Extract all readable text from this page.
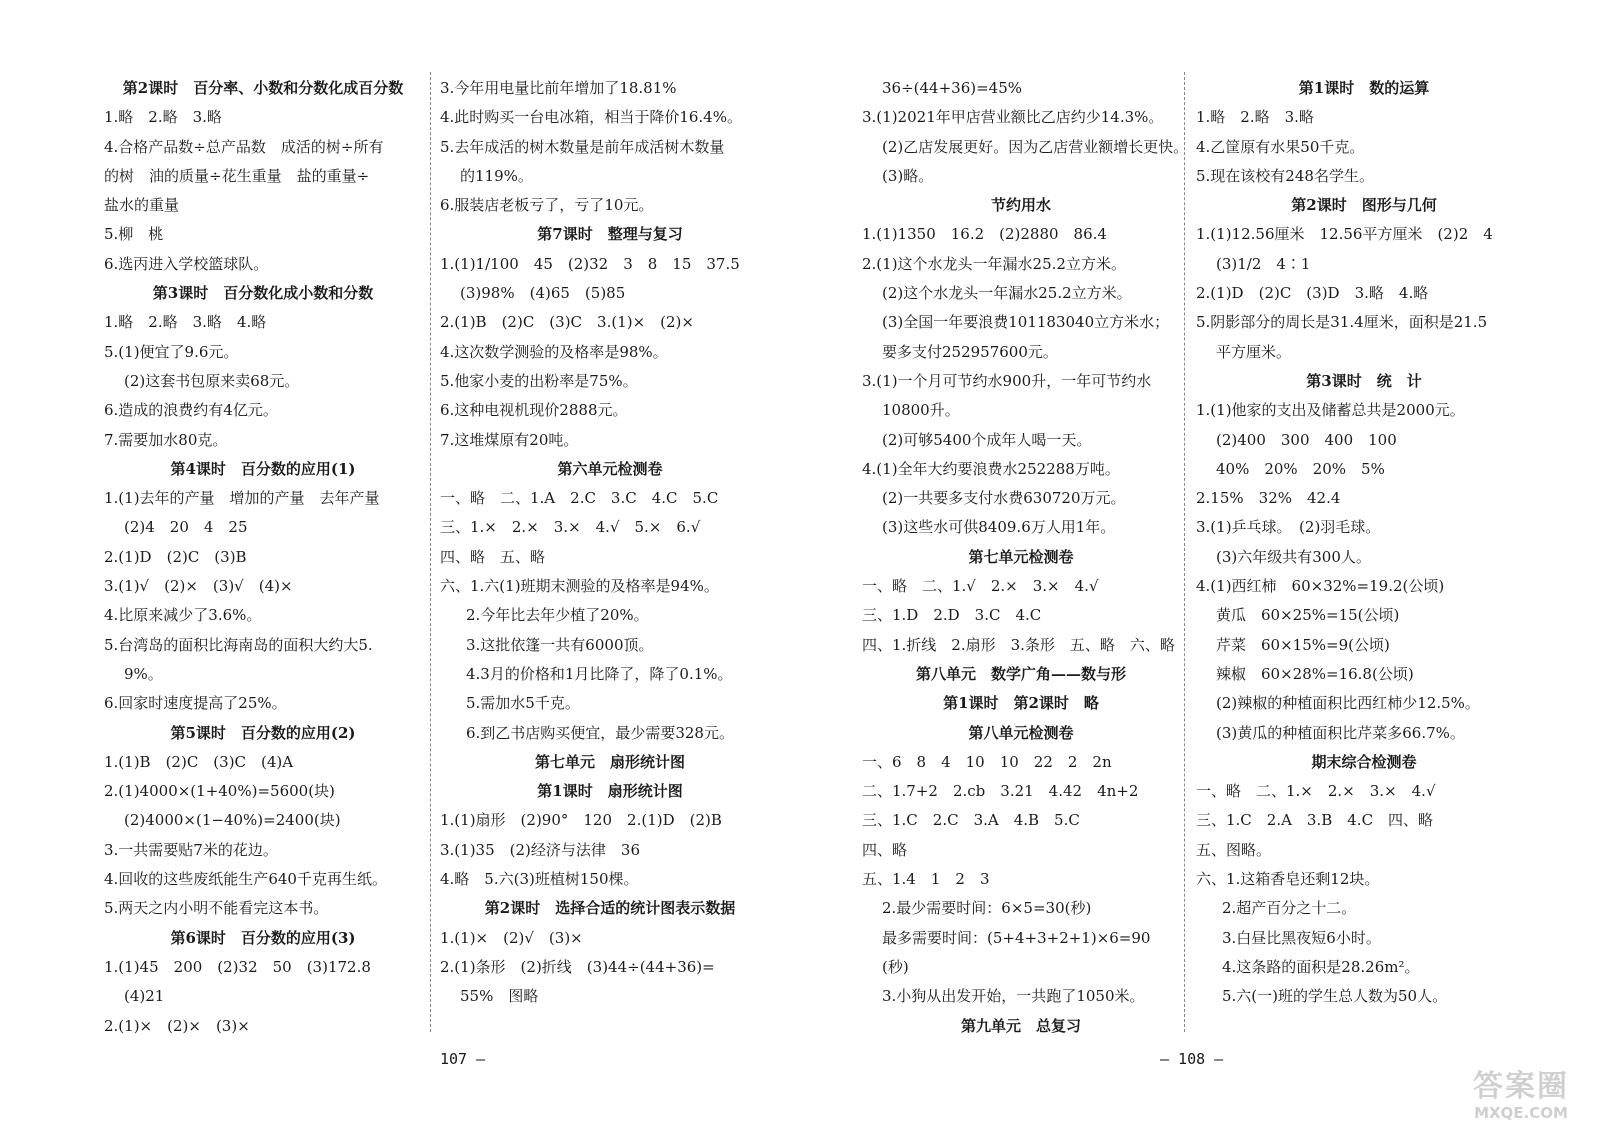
第2课时　百分率、小数和分数化成百分数
1.略　2.略　3.略
4.合格产品数÷总产品数　成活的树÷所有
的树　油的质量÷花生重量　盐的重量÷
盐水的重量
5.柳　桃
6.选丙进入学校篮球队。
第3课时　百分数化成小数和分数
1.略　2.略　3.略　4.略
5.(1)便宜了9.6元。
(2)这套书包原来卖68元。
6.造成的浪费约有4亿元。
7.需要加水80克。
第4课时　百分数的应用(1)
1.(1)去年的产量　增加的产量　去年产量
(2)4　20　4　25
2.(1)D　(2)C　(3)B
3.(1)√　(2)×　(3)√　(4)×
4.比原来减少了3.6%。
5.台湾岛的面积比海南岛的面积大约大5.
9%。
6.回家时速度提高了25%。
第5课时　百分数的应用(2)
1.(1)B　(2)C　(3)C　(4)A
2.(1)4000×(1+40%)=5600(块)
(2)4000×(1−40%)=2400(块)
3.一共需要贴7米的花边。
4.回收的这些废纸能生产640千克再生纸。
5.两天之内小明不能看完这本书。
第6课时　百分数的应用(3)
1.(1)45　200　(2)32　50　(3)172.8
(4)21
2.(1)×　(2)×　(3)×
3.今年用电量比前年增加了18.81%
4.此时购买一台电冰箱，相当于降价16.4%。
5.去年成活的树木数量是前年成活树木数量
的119%。
6.服装店老板亏了，亏了10元。
第7课时　整理与复习
1.(1)1/100　45　(2)32　3　8　15　37.5
(3)98%　(4)65　(5)85
2.(1)B　(2)C　(3)C　3.(1)×　(2)×
4.这次数学测验的及格率是98%。
5.他家小麦的出粉率是75%。
6.这种电视机现价2888元。
7.这堆煤原有20吨。
第六单元检测卷
一、略　二、1.A　2.C　3.C　4.C　5.C
三、1.×　2.×　3.×　4.√　5.×　6.√
四、略　五、略
六、1.六(1)班期末测验的及格率是94%。
2.今年比去年少植了20%。
3.这批依篷一共有6000顶。
4.3月的价格和1月比降了，降了0.1%。
5.需加水5千克。
6.到乙书店购买便宜，最少需要328元。
第七单元　扇形统计图
第1课时　扇形统计图
1.(1)扇形　(2)90°　120　2.(1)D　(2)B
3.(1)35　(2)经济与法律　36
4.略　5.六(3)班植树150棵。
第2课时　选择合适的统计图表示数据
1.(1)×　(2)√　(3)×
2.(1)条形　(2)折线　(3)44÷(44+36)=
55%　图略
36÷(44+36)=45%
3.(1)2021年甲店营业额比乙店约少14.3%。
(2)乙店发展更好。因为乙店营业额增长更快。
(3)略。
节约用水
1.(1)1350　16.2　(2)2880　86.4
2.(1)这个水龙头一年漏水25.2立方米。
(2)这个水龙头一年漏水25.2立方米。
(3)全国一年要浪费101183040立方米水；
要多支付252957600元。
3.(1)一个月可节约水900升，一年可节约水
10800升。
(2)可够5400个成年人喝一天。
4.(1)全年大约要浪费水252288万吨。
(2)一共要多支付水费630720万元。
(3)这些水可供8409.6万人用1年。
第七单元检测卷
一、略　二、1.√　2.×　3.×　4.√
三、1.D　2.D　3.C　4.C
四、1.折线　2.扇形　3.条形　五、略　六、略
第八单元　数学广角——数与形
第1课时　第2课时　略
第八单元检测卷
一、6　8　4　10　10　22　2　2n
二、1.7+2　2.cb　3.21　4.42　4n+2
三、1.C　2.C　3.A　4.B　5.C
四、略
五、1.4　1　2　3
2.最少需要时间：6×5=30(秒)
最多需要时间：(5+4+3+2+1)×6=90
(秒)
3.小狗从出发开始，一共跑了1050米。
第九单元　总复习
第1课时　数的运算
1.略　2.略　3.略
4.乙筐原有水果50千克。
5.现在该校有248名学生。
第2课时　图形与几何
1.(1)12.56厘米　12.56平方厘米　(2)2　4
(3)1/2　4∶1
2.(1)D　(2)C　(3)D　3.略　4.略
5.阴影部分的周长是31.4厘米，面积是21.5
平方厘米。
第3课时　统　计
1.(1)他家的支出及储蓄总共是2000元。
(2)400　300　400　100
40%　20%　20%　5%
2.15%　32%　42.4
3.(1)乒乓球。　(2)羽毛球。
(3)六年级共有300人。
4.(1)西红柿　60×32%=19.2(公顷)
黄瓜　60×25%=15(公顷)
芹菜　60×15%=9(公顷)
辣椒　60×28%=16.8(公顷)
(2)辣椒的种植面积比西红柿少12.5%。
(3)黄瓜的种植面积比芹菜多66.7%。
期末综合检测卷
一、略　二、1.×　2.×　3.×　4.√
三、1.C　2.A　3.B　4.C　四、略
五、图略。
六、1.这箱香皂还剩12块。
2.超产百分之十二。
3.白昼比黑夜短6小时。
4.这条路的面积是28.26m²。
5.六(一)班的学生总人数为50人。
107 —	— 108 —
答案圈
MXQE.COM
